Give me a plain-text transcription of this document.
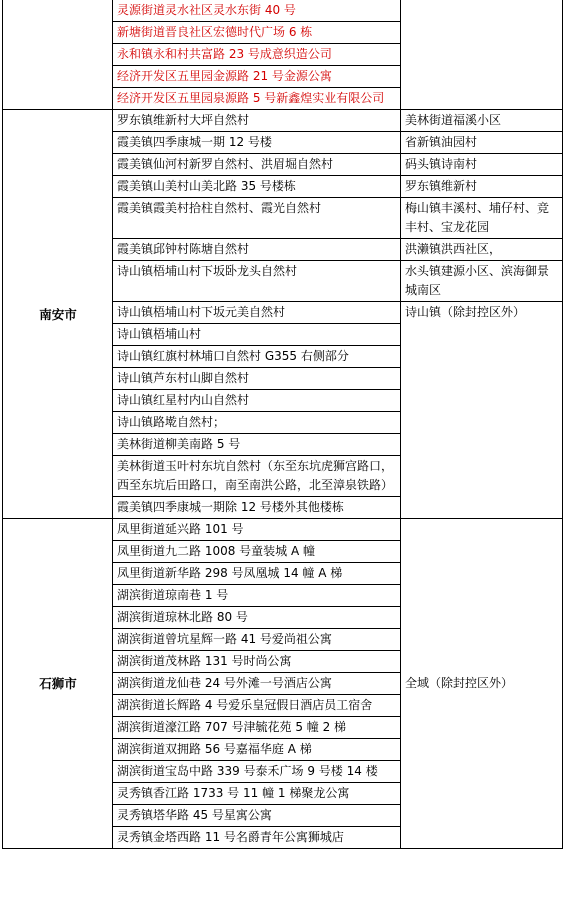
	灵源街道灵水社区灵水东街 40 号	
	新塘街道晋良社区宏德时代广场 6 栋	
	永和镇永和村共富路 23 号成意织造公司	
	经济开发区五里园金源路 21 号金源公寓	
	经济开发区五里园泉源路 5 号新鑫煌实业有限公司	
南安市	罗东镇维新村大坪自然村	美林街道福溪小区
	霞美镇四季康城一期 12 号楼	省新镇油园村
	霞美镇仙河村新罗自然村、洪眉堀自然村	码头镇诗南村
	霞美镇山美村山美北路 35 号楼栋	罗东镇维新村
	霞美镇霞美村拾柱自然村、霞光自然村	梅山镇丰溪村、埔仔村、竞丰村、宝龙花园
	霞美镇邱钟村陈塘自然村	洪濑镇洪西社区，
	诗山镇梧埔山村下坂卧龙头自然村	水头镇建源小区、滨海御景城南区
	诗山镇梧埔山村下坂元美自然村	诗山镇（除封控区外）
	诗山镇梧埔山村	
	诗山镇红旗村林埔口自然村 G355 右侧部分	
	诗山镇芦东村山脚自然村	
	诗山镇红星村内山自然村	
	诗山镇路墘自然村；	
	美林街道柳美南路 5 号	
	美林街道玉叶村东坑自然村（东至东坑虎狮宫路口，西至东坑后田路口，南至南洪公路，北至漳泉铁路）	
	霞美镇四季康城一期除 12 号楼外其他楼栋	
石狮市	凤里街道延兴路 101 号	全域（除封控区外）
	凤里街道九二路 1008 号童装城 A 幢	
	凤里街道新华路 298 号凤凰城 14 幢 A 梯	
	湖滨街道琼南巷 1 号	
	湖滨街道琼林北路 80 号	
	湖滨街道曾坑星辉一路 41 号爱尚祖公寓	
	湖滨街道茂林路 131 号时尚公寓	
	湖滨街道龙仙巷 24 号外滩一号酒店公寓	
	湖滨街道长辉路 4 号爱乐皇冠假日酒店员工宿舍	
	湖滨街道濠江路 707 号津毓花苑 5 幢 2 梯	
	湖滨街道双拥路 56 号嘉福华庭 A 梯	
	湖滨街道宝岛中路 339 号泰禾广场 9 号楼 14 楼	
	灵秀镇香江路 1733 号 11 幢 1 梯聚龙公寓	
	灵秀镇塔华路 45 号星寓公寓	
	灵秀镇金塔西路 11 号名爵青年公寓狮城店	
